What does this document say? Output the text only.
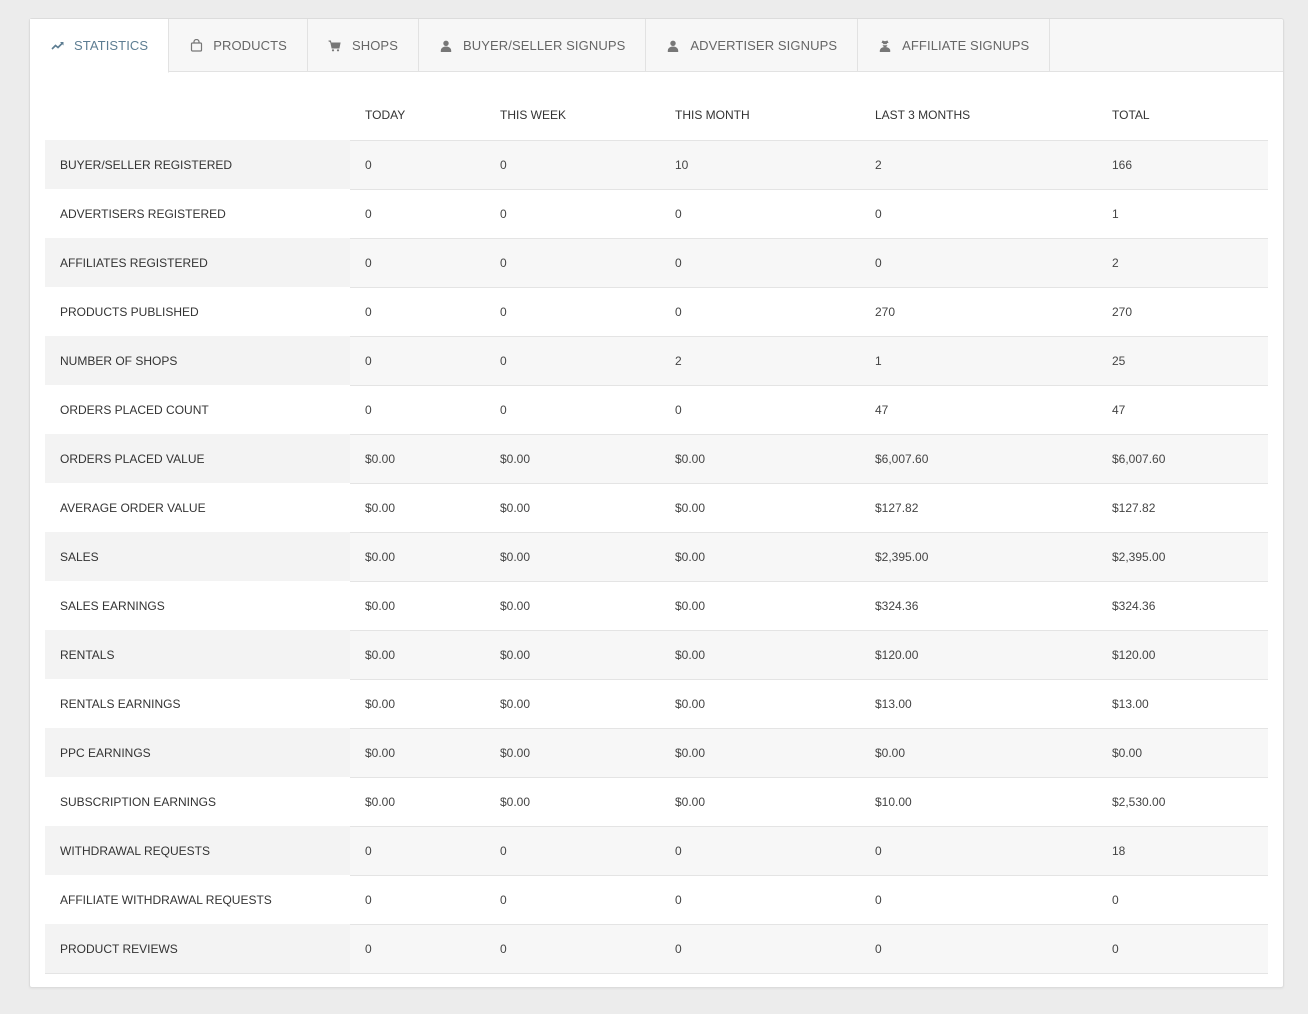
STATISTICS	PRODUCTS	SHOPS	BUYER/SELLER SIGNUPS	ADVERTISER SIGNUPS	AFFILIATE SIGNUPS
	TODAY	THIS WEEK	THIS MONTH	LAST 3 MONTHS	TOTAL
BUYER/SELLER REGISTERED	0	0	10	2	166
ADVERTISERS REGISTERED	0	0	0	0	1
AFFILIATES REGISTERED	0	0	0	0	2
PRODUCTS PUBLISHED	0	0	0	270	270
NUMBER OF SHOPS	0	0	2	1	25
ORDERS PLACED COUNT	0	0	0	47	47
ORDERS PLACED VALUE	$0.00	$0.00	$0.00	$6,007.60	$6,007.60
AVERAGE ORDER VALUE	$0.00	$0.00	$0.00	$127.82	$127.82
SALES	$0.00	$0.00	$0.00	$2,395.00	$2,395.00
SALES EARNINGS	$0.00	$0.00	$0.00	$324.36	$324.36
RENTALS	$0.00	$0.00	$0.00	$120.00	$120.00
RENTALS EARNINGS	$0.00	$0.00	$0.00	$13.00	$13.00
PPC EARNINGS	$0.00	$0.00	$0.00	$0.00	$0.00
SUBSCRIPTION EARNINGS	$0.00	$0.00	$0.00	$10.00	$2,530.00
WITHDRAWAL REQUESTS	0	0	0	0	18
AFFILIATE WITHDRAWAL REQUESTS	0	0	0	0	0
PRODUCT REVIEWS	0	0	0	0	0
